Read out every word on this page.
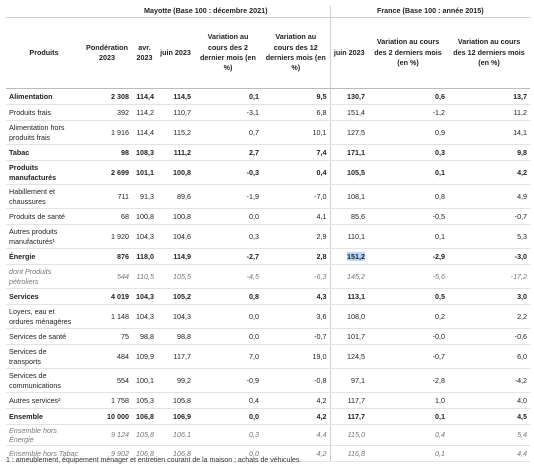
	Mayotte (Base 100 : décembre 2021)					France (Base 100 : année 2015)		
Produits	Pondération 2023	avr. 2023	juin 2023	Variation au cours des 2 dernier mois (en %)	Variation au cours des 12 derniers mois (en %)	juin 2023	Variation au cours des 2 derniers mois (en %)	Variation au cours des 12 derniers mois (en %)
Alimentation	2 308	114,4	114,5	0,1	9,5	130,7	0,6	13,7
Produits frais	392	114,2	110,7	-3,1	6,8	151,4	-1,2	11,2
Alimentation hors produits frais	1 916	114,4	115,2	0,7	10,1	127,5	0,9	14,1
Tabac	98	108,3	111,2	2,7	7,4	171,1	0,3	9,8
Produits manufacturés	2 699	101,1	100,8	-0,3	0,4	105,5	0,1	4,2
Habillement et chaussures	711	91,3	89,6	-1,9	-7,0	108,1	0,8	4,9
Produits de santé	68	100,8	100,8	0,0	4,1	85,6	-0,5	-0,7
Autres produits manufacturés¹	1 920	104,3	104,6	0,3	2,9	110,1	0,1	5,3
Énergie	876	118,0	114,9	-2,7	2,8	151,2	-2,9	-3,0
dont Produits pétroliers	544	110,5	105,5	-4,5	-6,3	145,2	-5,6	-17,2
Services	4 019	104,3	105,2	0,8	4,3	113,1	0,5	3,0
Loyers, eau et ordures ménagères	1 148	104,3	104,3	0,0	3,6	108,0	0,2	2,2
Services de santé	75	98,8	98,8	0,0	-0,7	101,7	-0,0	-0,6
Services de transports	484	109,9	117,7	7,0	19,0	124,5	-0,7	6,0
Services de communications	554	100,1	99,2	-0,9	-0,8	97,1	-2,8	-4,2
Autres services²	1 758	105,3	105,8	0,4	4,2	117,7	1,0	4,0
Ensemble	10 000	106,8	106,9	0,0	4,2	117,7	0,1	4,5
Ensemble hors Énergie	9 124	105,8	106,1	0,3	4,4	115,0	0,4	5,4
Ensemble hors Tabac	9 902	106,8	106,8	0,0	4,2	116,8	0,1	4,4
1 : ameublement, équipement ménager et entretien courant de la maison ; achats de véhicules
